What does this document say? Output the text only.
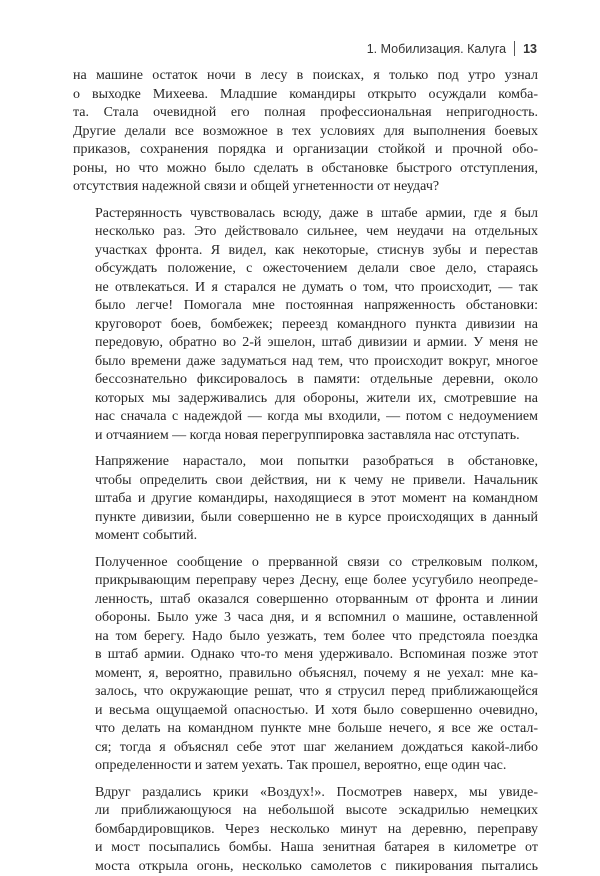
1. Мобилизация. Калуга 13

на машине остаток ночи в лесу в поисках, я только под утро узнал
о выходке Михеева. Младшие командиры открыто осуждали комба-
та. Стала очевидной его полная профессиональная непригодность.
Другие делали все возможное в тех условиях для выполнения боевых
приказов, сохранения порядка и организации стойкой и прочной обо-
роны, но что можно было сделать в обстановке быстрого отступления,
отсутствия надежной связи и общей угнетенности от неудач?

Растерянность чувствовалась всюду, даже в штабе армии, где я был
несколько раз. Это действовало сильнее, чем неудачи на отдельных
участках фронта. Я видел, как некоторые, стиснув зубы и перестав
обсуждать положение, с ожесточением делали свое дело, стараясь
не отвлекаться. И я старался не думать о том, что происходит, — так
было легче! Помогала мне постоянная напряженность обстановки:
круговорот боев, бомбежек; переезд командного пункта дивизии на
передовую, обратно во 2-й эшелон, штаб дивизии и армии. У меня не
было времени даже задуматься над тем, что происходит вокруг, многое
бессознательно фиксировалось в памяти: отдельные деревни, около
которых мы задерживались для обороны, жители их, смотревшие на
нас сначала с надеждой — когда мы входили, — потом с недоумением
и отчаянием — когда новая перегруппировка заставляла нас отступать.

Напряжение нарастало, мои попытки разобраться в обстановке,
чтобы определить свои действия, ни к чему не привели. Начальник
штаба и другие командиры, находящиеся в этот момент на командном
пункте дивизии, были совершенно не в курсе происходящих в данный
момент событий.

Полученное сообщение о прерванной связи со стрелковым полком,
прикрывающим переправу через Десну, еще более усугубило неопреде-
ленность, штаб оказался совершенно оторванным от фронта и линии
обороны. Было уже 3 часа дня, и я вспомнил о машине, оставленной
на том берегу. Надо было уезжать, тем более что предстояла поездка
в штаб армии. Однако что-то меня удерживало. Вспоминая позже этот
момент, я, вероятно, правильно объяснял, почему я не уехал: мне ка-
залось, что окружающие решат, что я струсил перед приближающейся
и весьма ощущаемой опасностью. И хотя было совершенно очевидно,
что делать на командном пункте мне больше нечего, я все же остал-
ся; тогда я объяснял себе этот шаг желанием дождаться какой-либо
определенности и затем уехать. Так прошел, вероятно, еще один час.

Вдруг раздались крики «Воздух!». Посмотрев наверх, мы увиде-
ли приближающуюся на небольшой высоте эскадрилью немецких
бомбардировщиков. Через несколько минут на деревню, переправу
и мост посыпались бомбы. Наша зенитная батарея в километре от
моста открыла огонь, несколько самолетов с пикирования пытались
